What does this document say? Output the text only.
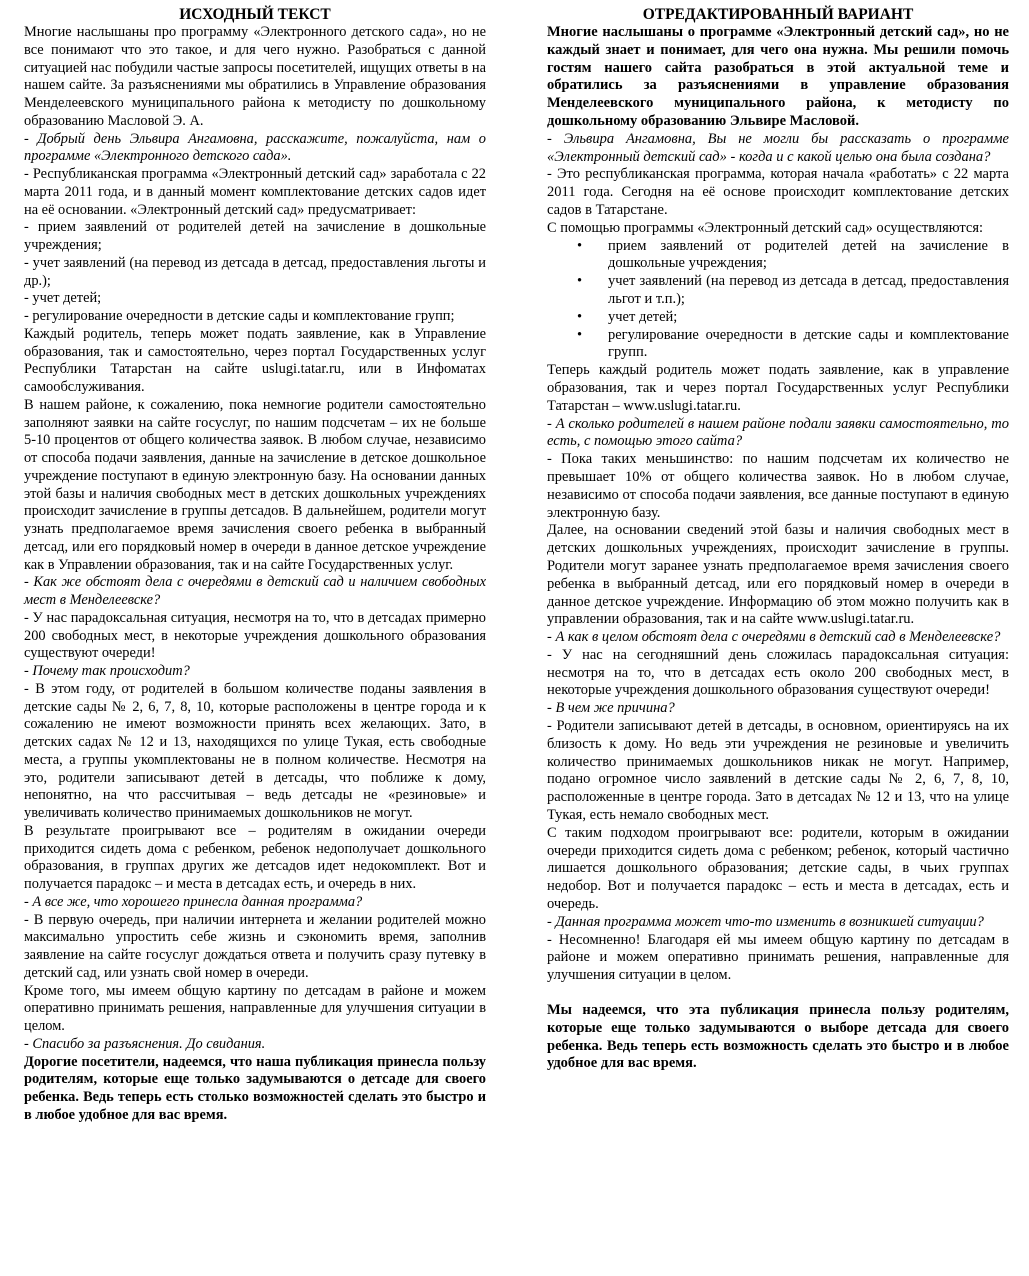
ИСХОДНЫЙ ТЕКСТ

Многие наслышаны про программу «Электронного детского сада», но не все понимают что это такое, и для чего нужно. Разобраться с данной ситуацией нас побудили частые запросы посетителей, ищущих ответы в на нашем сайте. За разъяснениями мы обратились в Управление образования Менделеевского муниципального района к методисту по дошкольному образованию Масловой Э. А.

- Добрый день Эльвира Ангамовна, расскажите, пожалуйста, нам о программе «Электронного детского сада».

- Республиканская программа «Электронный детский сад» заработала с 22 марта 2011 года, и в данный момент комплектование детских садов идет на её основании. «Электронный детский сад» предусматривает:

- прием заявлений от родителей детей на зачисление в дошкольные учреждения;

- учет заявлений (на перевод из детсада в детсад, предоставления льготы и др.);

- учет детей;

- регулирование очередности в детские сады и комплектование групп;

Каждый родитель, теперь может подать заявление, как в Управление образования, так и самостоятельно, через портал Государственных услуг Республики Татарстан на сайте uslugi.tatar.ru, или в Инфоматах самообслуживания.

В нашем районе, к сожалению, пока немногие родители самостоятельно заполняют заявки на сайте госуслуг, по нашим подсчетам – их не больше 5-10 процентов от общего количества заявок. В любом случае, независимо от способа подачи заявления, данные на зачисление в детское дошкольное учреждение поступают в единую электронную базу. На основании данных этой базы и наличия свободных мест в детских дошкольных учреждениях происходит зачисление в группы детсадов. В дальнейшем, родители могут узнать предполагаемое время зачисления своего ребенка в выбранный детсад, или его порядковый номер в очереди в данное детское учреждение как в Управлении образования, так и на сайте Государственных услуг.

- Как же обстоят дела с очередями в детский сад и наличием свободных мест в Менделеевске?

- У нас парадоксальная ситуация, несмотря на то, что в детсадах примерно 200 свободных мест, в некоторые учреждения дошкольного образования существуют очереди!

- Почему так происходит?

- В этом году, от родителей в большом количестве поданы заявления в детские сады № 2, 6, 7, 8, 10, которые расположены в центре города и к сожалению не имеют возможности принять всех желающих. Зато, в детских садах № 12 и 13, находящихся по улице Тукая, есть свободные места, а группы укомплектованы не в полном количестве. Несмотря на это, родители записывают детей в детсады, что поближе к дому, непонятно, на что рассчитывая – ведь детсады не «резиновые» и увеличивать количество принимаемых дошкольников не могут.

В результате проигрывают все – родителям в ожидании очереди приходится сидеть дома с ребенком, ребенок недополучает дошкольного образования, в группах других же детсадов идет недокомплект. Вот и получается парадокс – и места в детсадах есть, и очередь в них.

- А все же, что хорошего принесла данная программа?

- В первую очередь, при наличии интернета и желании родителей можно максимально упростить себе жизнь и сэкономить время, заполнив заявление на сайте госуслуг дождаться ответа и получить сразу путевку в детский сад, или узнать свой номер в очереди.

Кроме того, мы имеем общую картину по детсадам в районе и можем оперативно принимать решения, направленные для улучшения ситуации в целом.

- Спасибо за разъяснения. До свидания.

Дорогие посетители, надеемся, что наша публикация принесла пользу родителям, которые еще только задумываются о детсаде для своего ребенка. Ведь теперь есть столько возможностей сделать это быстро и в любое удобное для вас время.

ОТРЕДАКТИРОВАННЫЙ ВАРИАНТ

Многие наслышаны о программе «Электронный детский сад», но не каждый знает и понимает, для чего она нужна. Мы решили помочь гостям нашего сайта разобраться в этой актуальной теме и обратились за разъяснениями в управление образования Менделеевского муниципального района, к методисту по дошкольному образованию Эльвире Масловой.

- Эльвира Ангамовна, Вы не могли бы рассказать о программе «Электронный детский сад» - когда и с какой целью она была создана?

- Это республиканская программа, которая начала «работать» с 22 марта 2011 года. Сегодня на её основе происходит комплектование детских садов в Татарстане.

С помощью программы «Электронный детский сад» осуществляются:

• прием заявлений от родителей детей на зачисление в дошкольные учреждения;
• учет заявлений (на перевод из детсада в детсад, предоставления льгот и т.п.);
• учет детей;
• регулирование очередности в детские сады и комплектование групп.

Теперь каждый родитель может подать заявление, как в управление образования, так и через портал Государственных услуг Республики Татарстан – www.uslugi.tatar.ru.

- А сколько родителей в нашем районе подали заявки самостоятельно, то есть, с помощью этого сайта?

- Пока таких меньшинство: по нашим подсчетам их количество не превышает 10% от общего количества заявок. Но в любом случае, независимо от способа подачи заявления, все данные поступают в единую электронную базу.

Далее, на основании сведений этой базы и наличия свободных мест в детских дошкольных учреждениях, происходит зачисление в группы. Родители могут заранее узнать предполагаемое время зачисления своего ребенка в выбранный детсад, или его порядковый номер в очереди в данное детское учреждение. Информацию об этом можно получить как в управлении образования, так и на сайте www.uslugi.tatar.ru.

- А как в целом обстоят дела с очередями в детский сад в Менделеевске?

- У нас на сегодняшний день сложилась парадоксальная ситуация: несмотря на то, что в детсадах есть около 200 свободных мест, в некоторые учреждения дошкольного образования существуют очереди!

- В чем же причина?

- Родители записывают детей в детсады, в основном, ориентируясь на их близость к дому. Но ведь эти учреждения не резиновые и увеличить количество принимаемых дошкольников никак не могут. Например, подано огромное число заявлений в детские сады № 2, 6, 7, 8, 10, расположенные в центре города. Зато в детсадах № 12 и 13, что на улице Тукая, есть немало свободных мест.

С таким подходом проигрывают все: родители, которым в ожидании очереди приходится сидеть дома с ребенком; ребенок, который частично лишается дошкольного образования; детские сады, в чьих группах недобор. Вот и получается парадокс – есть и места в детсадах, есть и очередь.

- Данная программа может что-то изменить в возникшей ситуации?

- Несомненно! Благодаря ей мы имеем общую картину по детсадам в районе и можем оперативно принимать решения, направленные для улучшения ситуации в целом.

Мы надеемся, что эта публикация принесла пользу родителям, которые еще только задумываются о выборе детсада для своего ребенка. Ведь теперь есть возможность сделать это быстро и в любое удобное для вас время.
